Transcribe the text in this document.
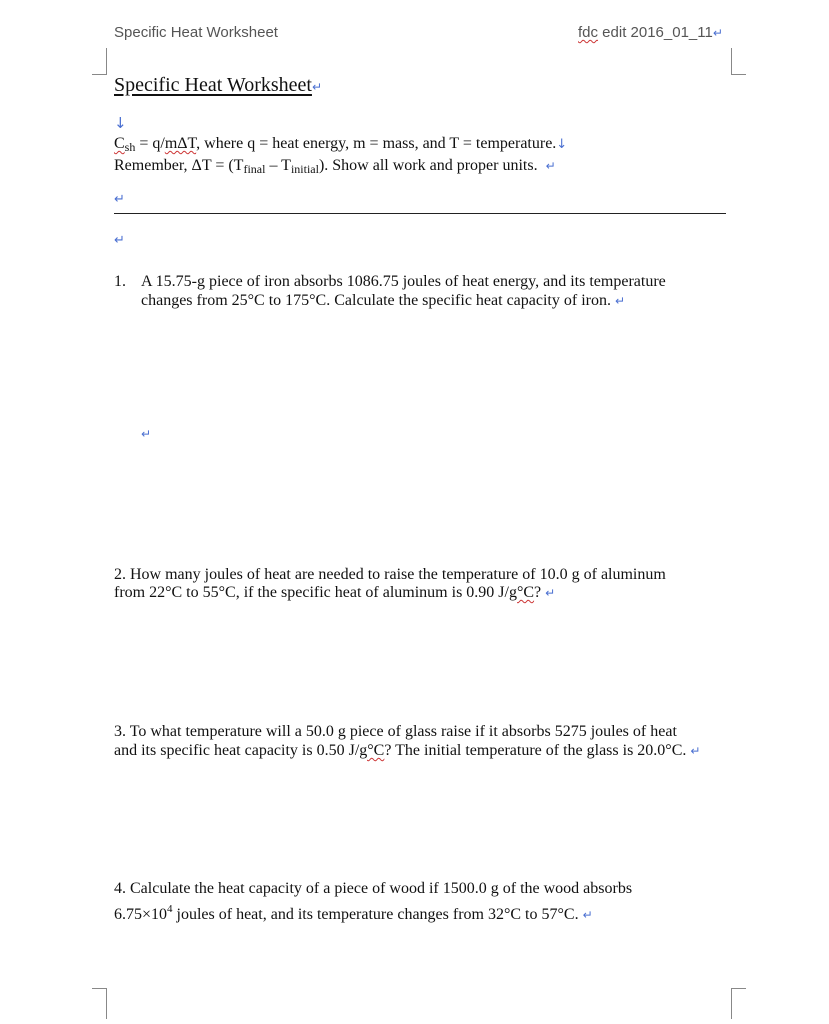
Specific Heat Worksheet	fdc edit 2016_01_11↵
Specific Heat Worksheet↵
↓
$C_{sh} = q/m\Delta T$, where q = heat energy, m = mass, and T = temperature.↓
Remember, $\Delta T = (T_{final} - T_{initial})$. Show all work and proper units. ↵
↵
↵
1. A 15.75-g piece of iron absorbs 1086.75 joules of heat energy, and its temperature
changes from 25°C to 175°C. Calculate the specific heat capacity of iron. ↵
↵
2. How many joules of heat are needed to raise the temperature of 10.0 g of aluminum
from 22°C to 55°C, if the specific heat of aluminum is 0.90 J/g°C? ↵
3. To what temperature will a 50.0 g piece of glass raise if it absorbs 5275 joules of heat
and its specific heat capacity is 0.50 J/g°C? The initial temperature of the glass is 20.0°C. ↵
4. Calculate the heat capacity of a piece of wood if 1500.0 g of the wood absorbs
$6.75\times 10^4$ joules of heat, and its temperature changes from 32°C to 57°C. ↵
